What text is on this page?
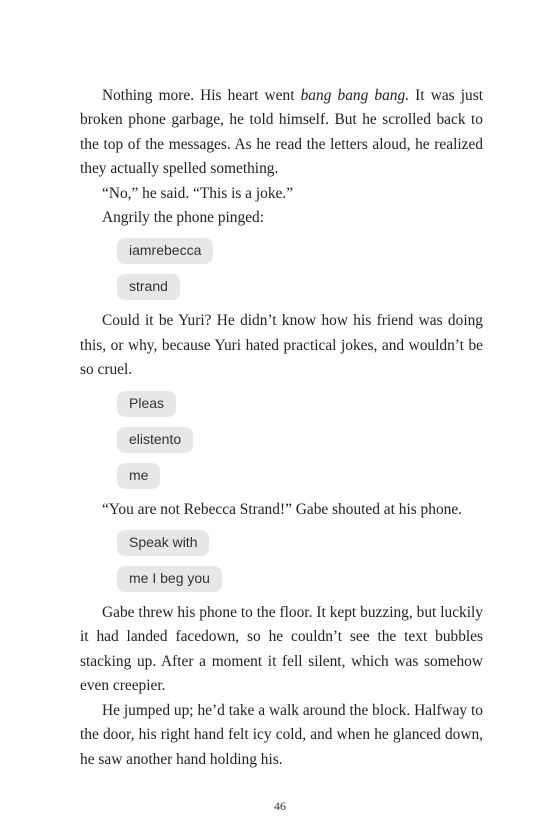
Nothing more. His heart went bang bang bang. It was just broken phone garbage, he told himself. But he scrolled back to the top of the messages. As he read the letters aloud, he realized they actually spelled something.

“No,” he said. “This is a joke.”

Angrily the phone pinged:

iamrebecca
strand

Could it be Yuri? He didn’t know how his friend was doing this, or why, because Yuri hated practical jokes, and wouldn’t be so cruel.

Pleas
elistento
me

“You are not Rebecca Strand!” Gabe shouted at his phone.

Speak with
me I beg you

Gabe threw his phone to the floor. It kept buzzing, but luckily it had landed facedown, so he couldn’t see the text bubbles stacking up. After a moment it fell silent, which was somehow even creepier.

He jumped up; he’d take a walk around the block. Halfway to the door, his right hand felt icy cold, and when he glanced down, he saw another hand holding his.

46
